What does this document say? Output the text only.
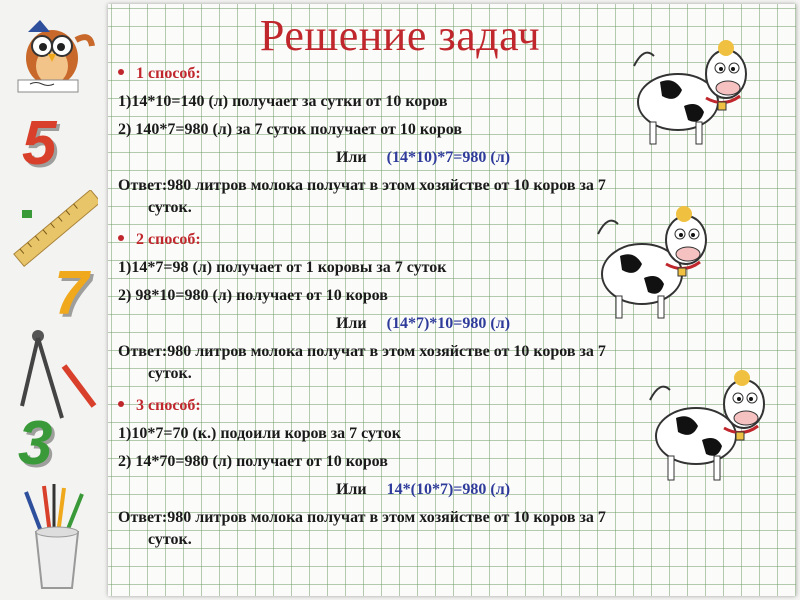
5
7
3
Решение задач
1 способ:
1)14*10=140 (л) получает за сутки от 10 коров
2) 140*7=980 (л) за 7 суток получает от 10 коров
Или (14*10)*7=980 (л)
Ответ:980 литров молока получат в этом хозяйстве от 10 коров за 7
суток.
2 способ:
1)14*7=98 (л) получает от 1 коровы за 7 суток
2) 98*10=980 (л) получает от 10 коров
Или (14*7)*10=980 (л)
Ответ:980 литров молока получат в этом хозяйстве от 10 коров за 7
суток.
3 способ:
1)10*7=70 (к.) подоили коров за 7 суток
2) 14*70=980 (л) получает от 10 коров
Или 14*(10*7)=980 (л)
Ответ:980 литров молока получат в этом хозяйстве от 10 коров за 7
суток.
